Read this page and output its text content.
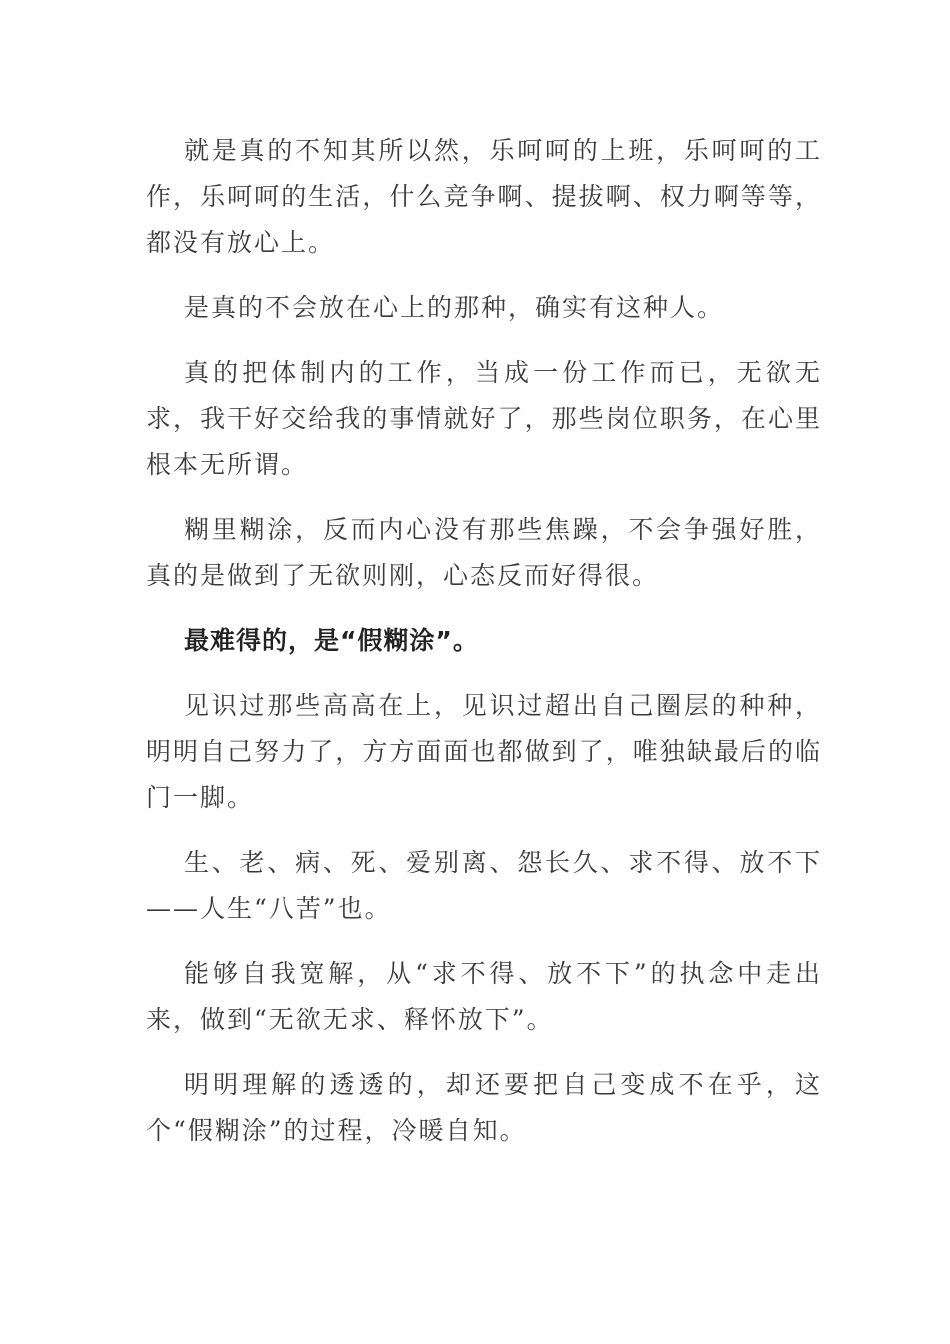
就是真的不知其所以然，乐呵呵的上班，乐呵呵的工作，乐呵呵的生活，什么竞争啊、提拔啊、权力啊等等，都没有放心上。

是真的不会放在心上的那种，确实有这种人。

真的把体制内的工作，当成一份工作而已，无欲无求，我干好交给我的事情就好了，那些岗位职务，在心里根本无所谓。

糊里糊涂，反而内心没有那些焦躁，不会争强好胜，真的是做到了无欲则刚，心态反而好得很。

最难得的，是“假糊涂”。

见识过那些高高在上，见识过超出自己圈层的种种，明明自己努力了，方方面面也都做到了，唯独缺最后的临门一脚。

生、老、病、死、爱别离、怨长久、求不得、放不下——人生“八苦”也。

能够自我宽解，从“求不得、放不下”的执念中走出来，做到“无欲无求、释怀放下”。

明明理解的透透的，却还要把自己变成不在乎，这个“假糊涂”的过程，冷暖自知。
